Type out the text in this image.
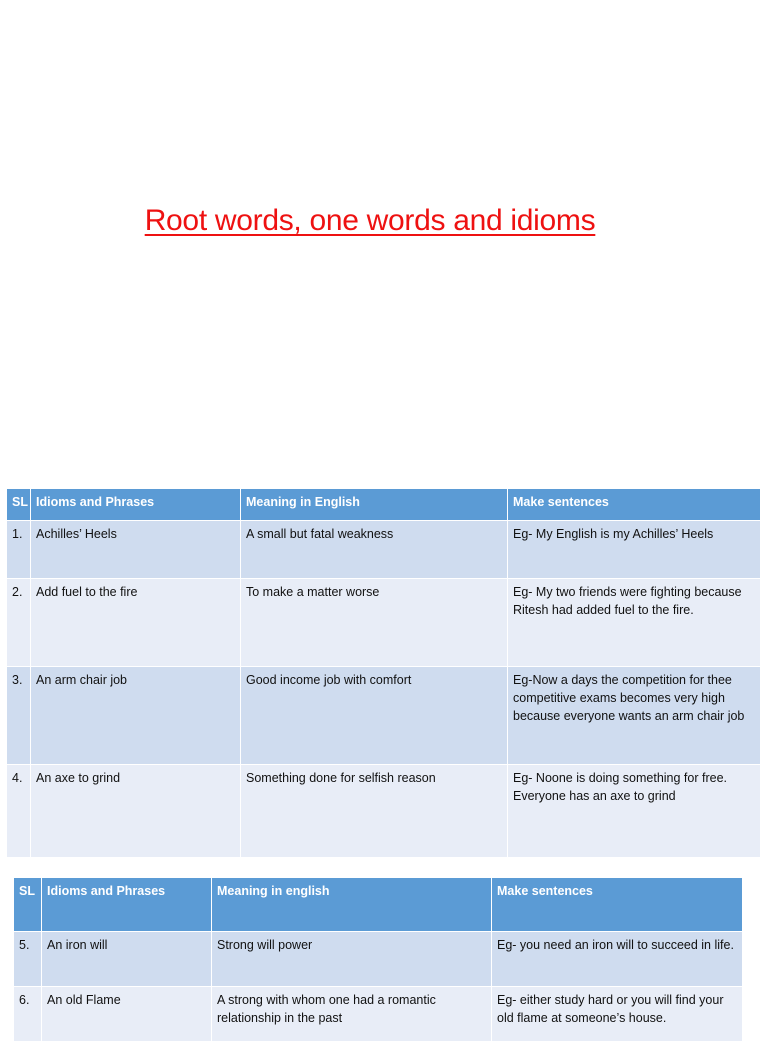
Root words, one words and idioms
SL	Idioms and Phrases	Meaning in English	Make sentences
1.	Achilles’ Heels	A small but fatal weakness	Eg- My English is my Achilles’ Heels
2.	Add fuel to the fire	To make a matter worse	Eg- My two friends were fighting because Ritesh had added fuel to the fire.
3.	An arm chair job	Good income job with comfort	Eg-Now a days the competition for thee competitive exams becomes very high because everyone wants an arm chair job
4.	An axe to grind	Something done for selfish reason	Eg- Noone is doing something for free. Everyone has an axe to grind
SL	Idioms and Phrases	Meaning in english	Make sentences
5.	An iron will	Strong will power	Eg- you need an iron will to succeed in life.
6.	An old Flame	A strong with whom one had a romantic relationship in the past	Eg- either study hard or you will find your old flame at someone’s house.
